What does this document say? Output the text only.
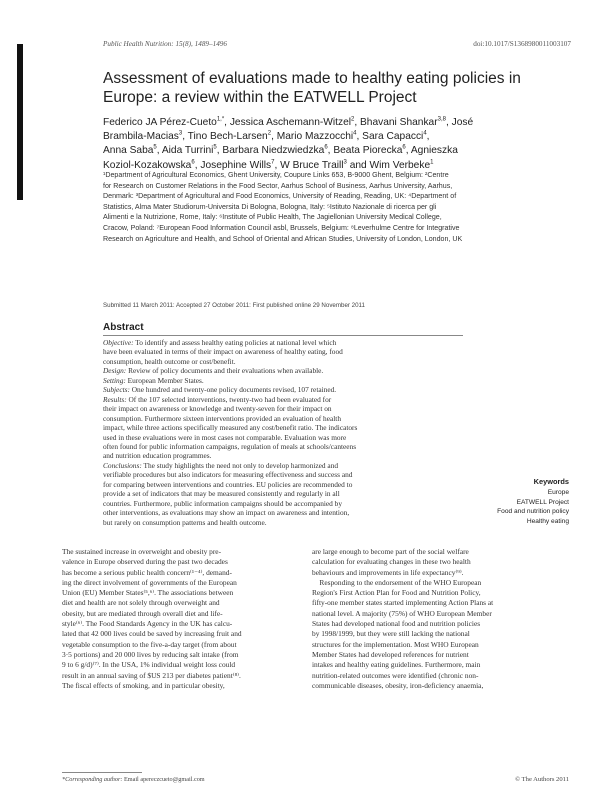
Public Health Nutrition: 15(8), 1489–1496	doi:10.1017/S1368980011003107
Assessment of evaluations made to healthy eating policies in
Europe: a review within the EATWELL Project
Federico JA Pérez-Cueto$^{1,*}$, Jessica Aschemann-Witzel$^2$, Bhavani Shankar$^{3,8}$, José
Brambila-Macias$^3$, Tino Bech-Larsen$^2$, Mario Mazzocchi$^4$, Sara Capacci$^4$,
Anna Saba$^5$, Aida Turrini$^5$, Barbara Niedzwiedzka$^6$, Beata Piorecka$^6$, Agnieszka
Koziol-Kozakowska$^6$, Josephine Wills$^7$, W Bruce Traill$^3$ and Wim Verbeke$^1$
¹Department of Agricultural Economics, Ghent University, Coupure Links 653, B-9000 Ghent, Belgium: ²Centre
for Research on Customer Relations in the Food Sector, Aarhus School of Business, Aarhus University, Aarhus,
Denmark: ³Department of Agricultural and Food Economics, University of Reading, Reading, UK: ⁴Department of
Statistics, Alma Mater Studiorum-Universita Di Bologna, Bologna, Italy: ⁵Istituto Nazionale di ricerca per gli
Alimenti e la Nutrizione, Rome, Italy: ⁶Institute of Public Health, The Jagiellonian University Medical College,
Cracow, Poland: ⁷European Food Information Council asbl, Brussels, Belgium: ⁸Leverhulme Centre for Integrative
Research on Agriculture and Health, and School of Oriental and African Studies, University of London, London, UK
Submitted 11 March 2011: Accepted 27 October 2011: First published online 29 November 2011
Abstract
Objective: To identify and assess healthy eating policies at national level which
have been evaluated in terms of their impact on awareness of healthy eating, food
consumption, health outcome or cost/benefit.
Design: Review of policy documents and their evaluations when available.
Setting: European Member States.
Subjects: One hundred and twenty-one policy documents revised, 107 retained.
Results: Of the 107 selected interventions, twenty-two had been evaluated for
their impact on awareness or knowledge and twenty-seven for their impact on
consumption. Furthermore sixteen interventions provided an evaluation of health
impact, while three actions specifically measured any cost/benefit ratio. The indicators
used in these evaluations were in most cases not comparable. Evaluation was more
often found for public information campaigns, regulation of meals at schools/canteens
and nutrition education programmes.
Conclusions: The study highlights the need not only to develop harmonized and
verifiable procedures but also indicators for measuring effectiveness and success and
for comparing between interventions and countries. EU policies are recommended to
provide a set of indicators that may be measured consistently and regularly in all
countries. Furthermore, public information campaigns should be accompanied by
other interventions, as evaluations may show an impact on awareness and intention,
but rarely on consumption patterns and health outcome.
Keywords
Europe
EATWELL Project
Food and nutrition policy
Healthy eating
The sustained increase in overweight and obesity pre-
valence in Europe observed during the past two decades
has become a serious public health concern⁽¹⁻⁴⁾, demand-
ing the direct involvement of governments of the European
Union (EU) Member States⁽⁵,⁶⁾. The associations between
diet and health are not solely through overweight and
obesity, but are mediated through overall diet and life-
style⁽⁶⁾. The Food Standards Agency in the UK has calcu-
lated that 42 000 lives could be saved by increasing fruit and
vegetable consumption to the five-a-day target (from about
3·5 portions) and 20 000 lives by reducing salt intake (from
9 to 6 g/d)⁽⁷⁾. In the USA, 1% individual weight loss could
result in an annual saving of $US 213 per diabetes patient⁽⁸⁾.
The fiscal effects of smoking, and in particular obesity,
are large enough to become part of the social welfare
calculation for evaluating changes in these two health
behaviours and improvements in life expectancy⁽⁹⁾.
Responding to the endorsement of the WHO European
Region's First Action Plan for Food and Nutrition Policy,
fifty-one member states started implementing Action Plans at
national level. A majority (75%) of WHO European Member
States had developed national food and nutrition policies
by 1998/1999, but they were still lacking the national
structures for the implementation. Most WHO European
Member States had developed references for nutrient
intakes and healthy eating guidelines. Furthermore, main
nutrition-related outcomes were identified (chronic non-
communicable diseases, obesity, iron-deficiency anaemia,
*Corresponding author: Email apereczcueto@gmail.com	© The Authors 2011
